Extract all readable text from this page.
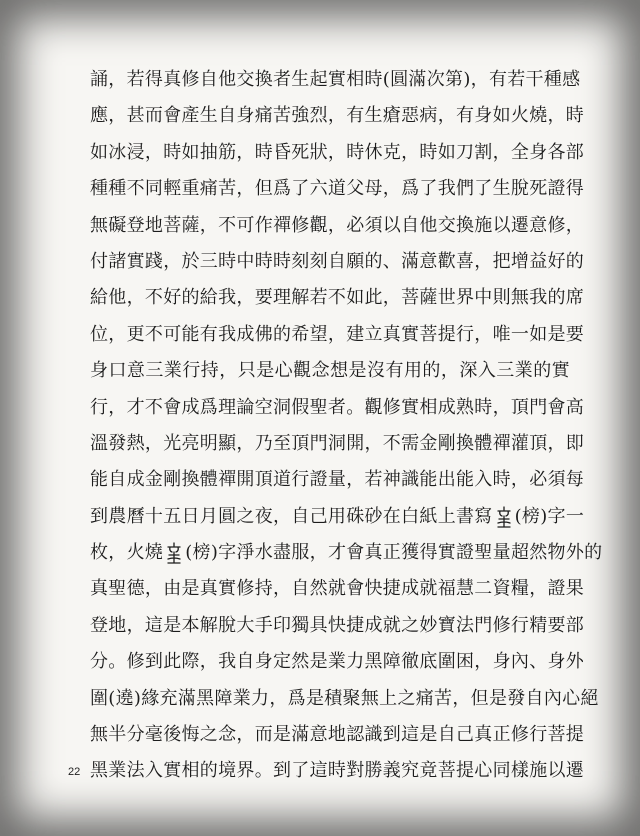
誦，若得真修自他交換者生起實相時(圓滿次第)，有若干種感
應，甚而會產生自身痛苦強烈，有生瘡惡病，有身如火燒，時
如冰浸，時如抽筋，時昏死狀，時休克，時如刀割，全身各部
種種不同輕重痛苦，但爲了六道父母，爲了我們了生脫死證得
無礙登地菩薩，不可作禪修觀，必須以自他交換施以遷意修，
付諸實踐，於三時中時時刻刻自願的、滿意歡喜，把增益好的
給他，不好的給我，要理解若不如此，菩薩世界中則無我的席
位，更不可能有我成佛的希望，建立真實菩提行，唯一如是要
身口意三業行持，只是心觀念想是沒有用的，深入三業的實
行，才不會成爲理論空洞假聖者。觀修實相成熟時，頂門會高
溫發熱，光亮明顯，乃至頂門洞開，不需金剛換體禪灌頂，即
能自成金剛換體禪開頂道行證量，若神識能出能入時，必須每
到農曆十五日月圓之夜，自己用硃砂在白紙上書寫 (榜)字一
枚，火燒 (榜)字淨水盡服，才會真正獲得實證聖量超然物外的
真聖德，由是真實修持，自然就會快捷成就福慧二資糧，證果
登地，這是本解脫大手印獨具快捷成就之妙寶法門修行精要部
分。修到此際，我自身定然是業力黑障徹底圍困，身內、身外
圍(遶)緣充滿黑障業力，爲是積聚無上之痛苦，但是發自內心絕
無半分毫後悔之念，而是滿意地認識到這是自己真正修行菩提
黑業法入實相的境界。到了這時對勝義究竟菩提心同樣施以遷
22
